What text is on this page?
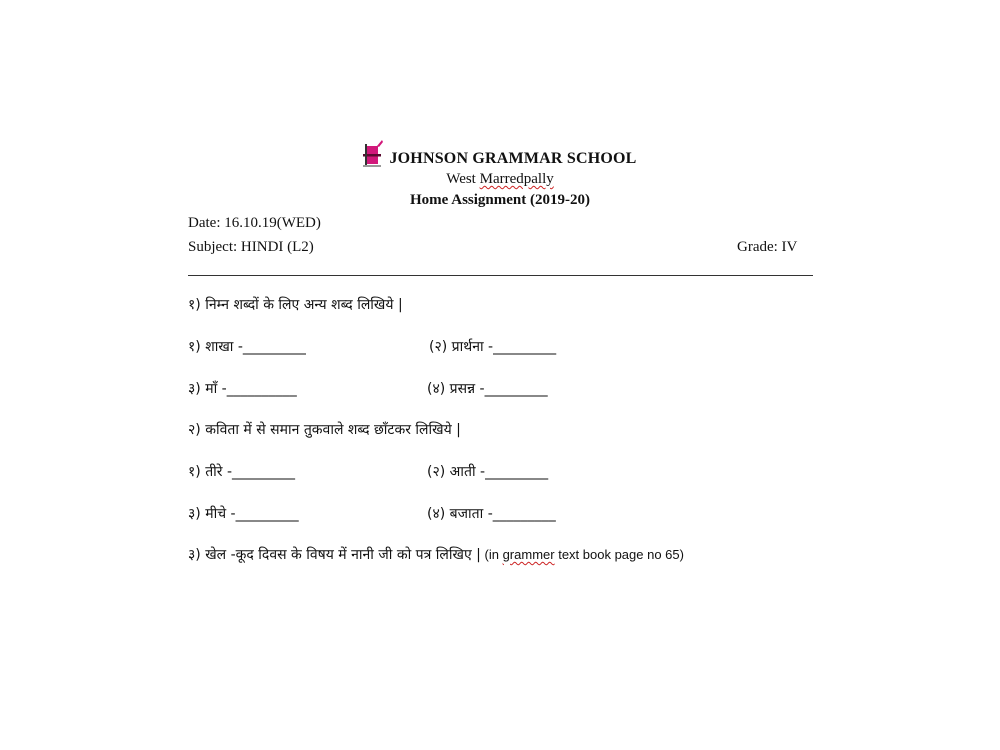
JOHNSON GRAMMAR SCHOOL
West Marredpally
Home Assignment (2019-20)
Date: 16.10.19(WED)
Subject: HINDI (L2)	Grade: IV
१) निम्न शब्दों के लिए अन्य शब्द लिखिये |
१) शाखा -_________	(२) प्रार्थना -_________
३) माँ -__________	(४) प्रसन्न -_________
२) कविता में से समान तुकवाले शब्द छाँटकर लिखिये |
१) तीरे -_________	(२) आती -_________
३) मीचे -_________	(४) बजाता -_________
३) खेल -कूद दिवस के विषय में नानी जी को पत्र लिखिए | (in grammer text book page no 65)
